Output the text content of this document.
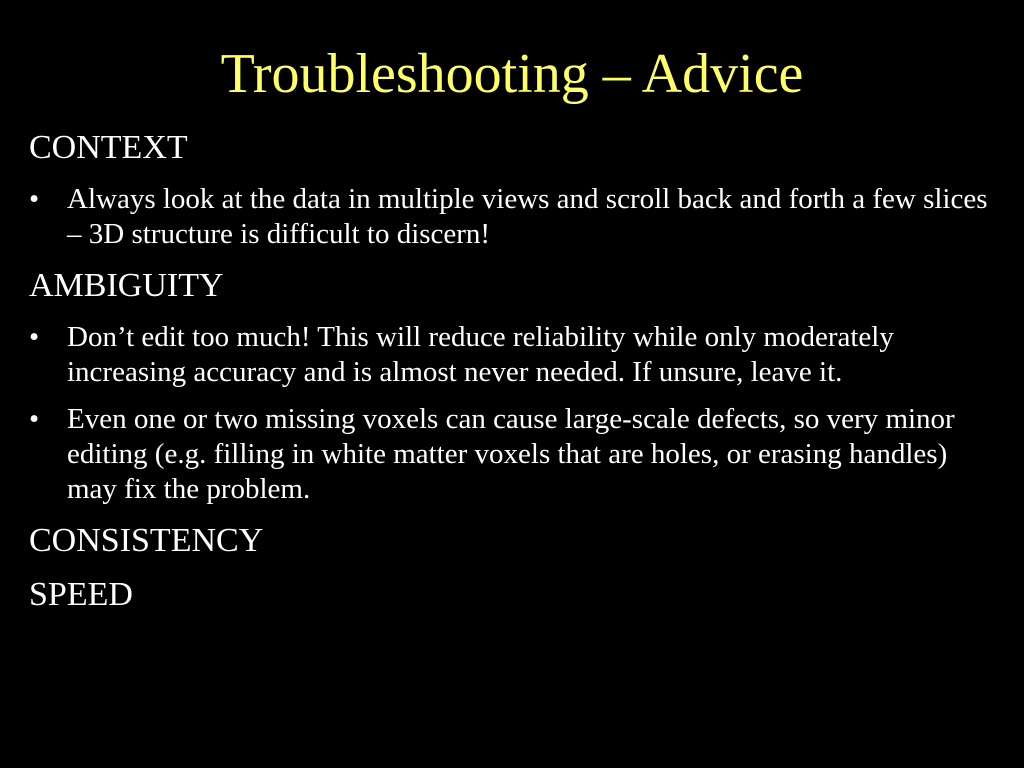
Troubleshooting – Advice
CONTEXT
• Always look at the data in multiple views and scroll back and forth a few slices – 3D structure is difficult to discern!
AMBIGUITY
• Don’t edit too much! This will reduce reliability while only moderately increasing accuracy and is almost never needed. If unsure, leave it.
• Even one or two missing voxels can cause large-scale defects, so very minor editing (e.g. filling in white matter voxels that are holes, or erasing handles) may fix the problem.
CONSISTENCY
SPEED
